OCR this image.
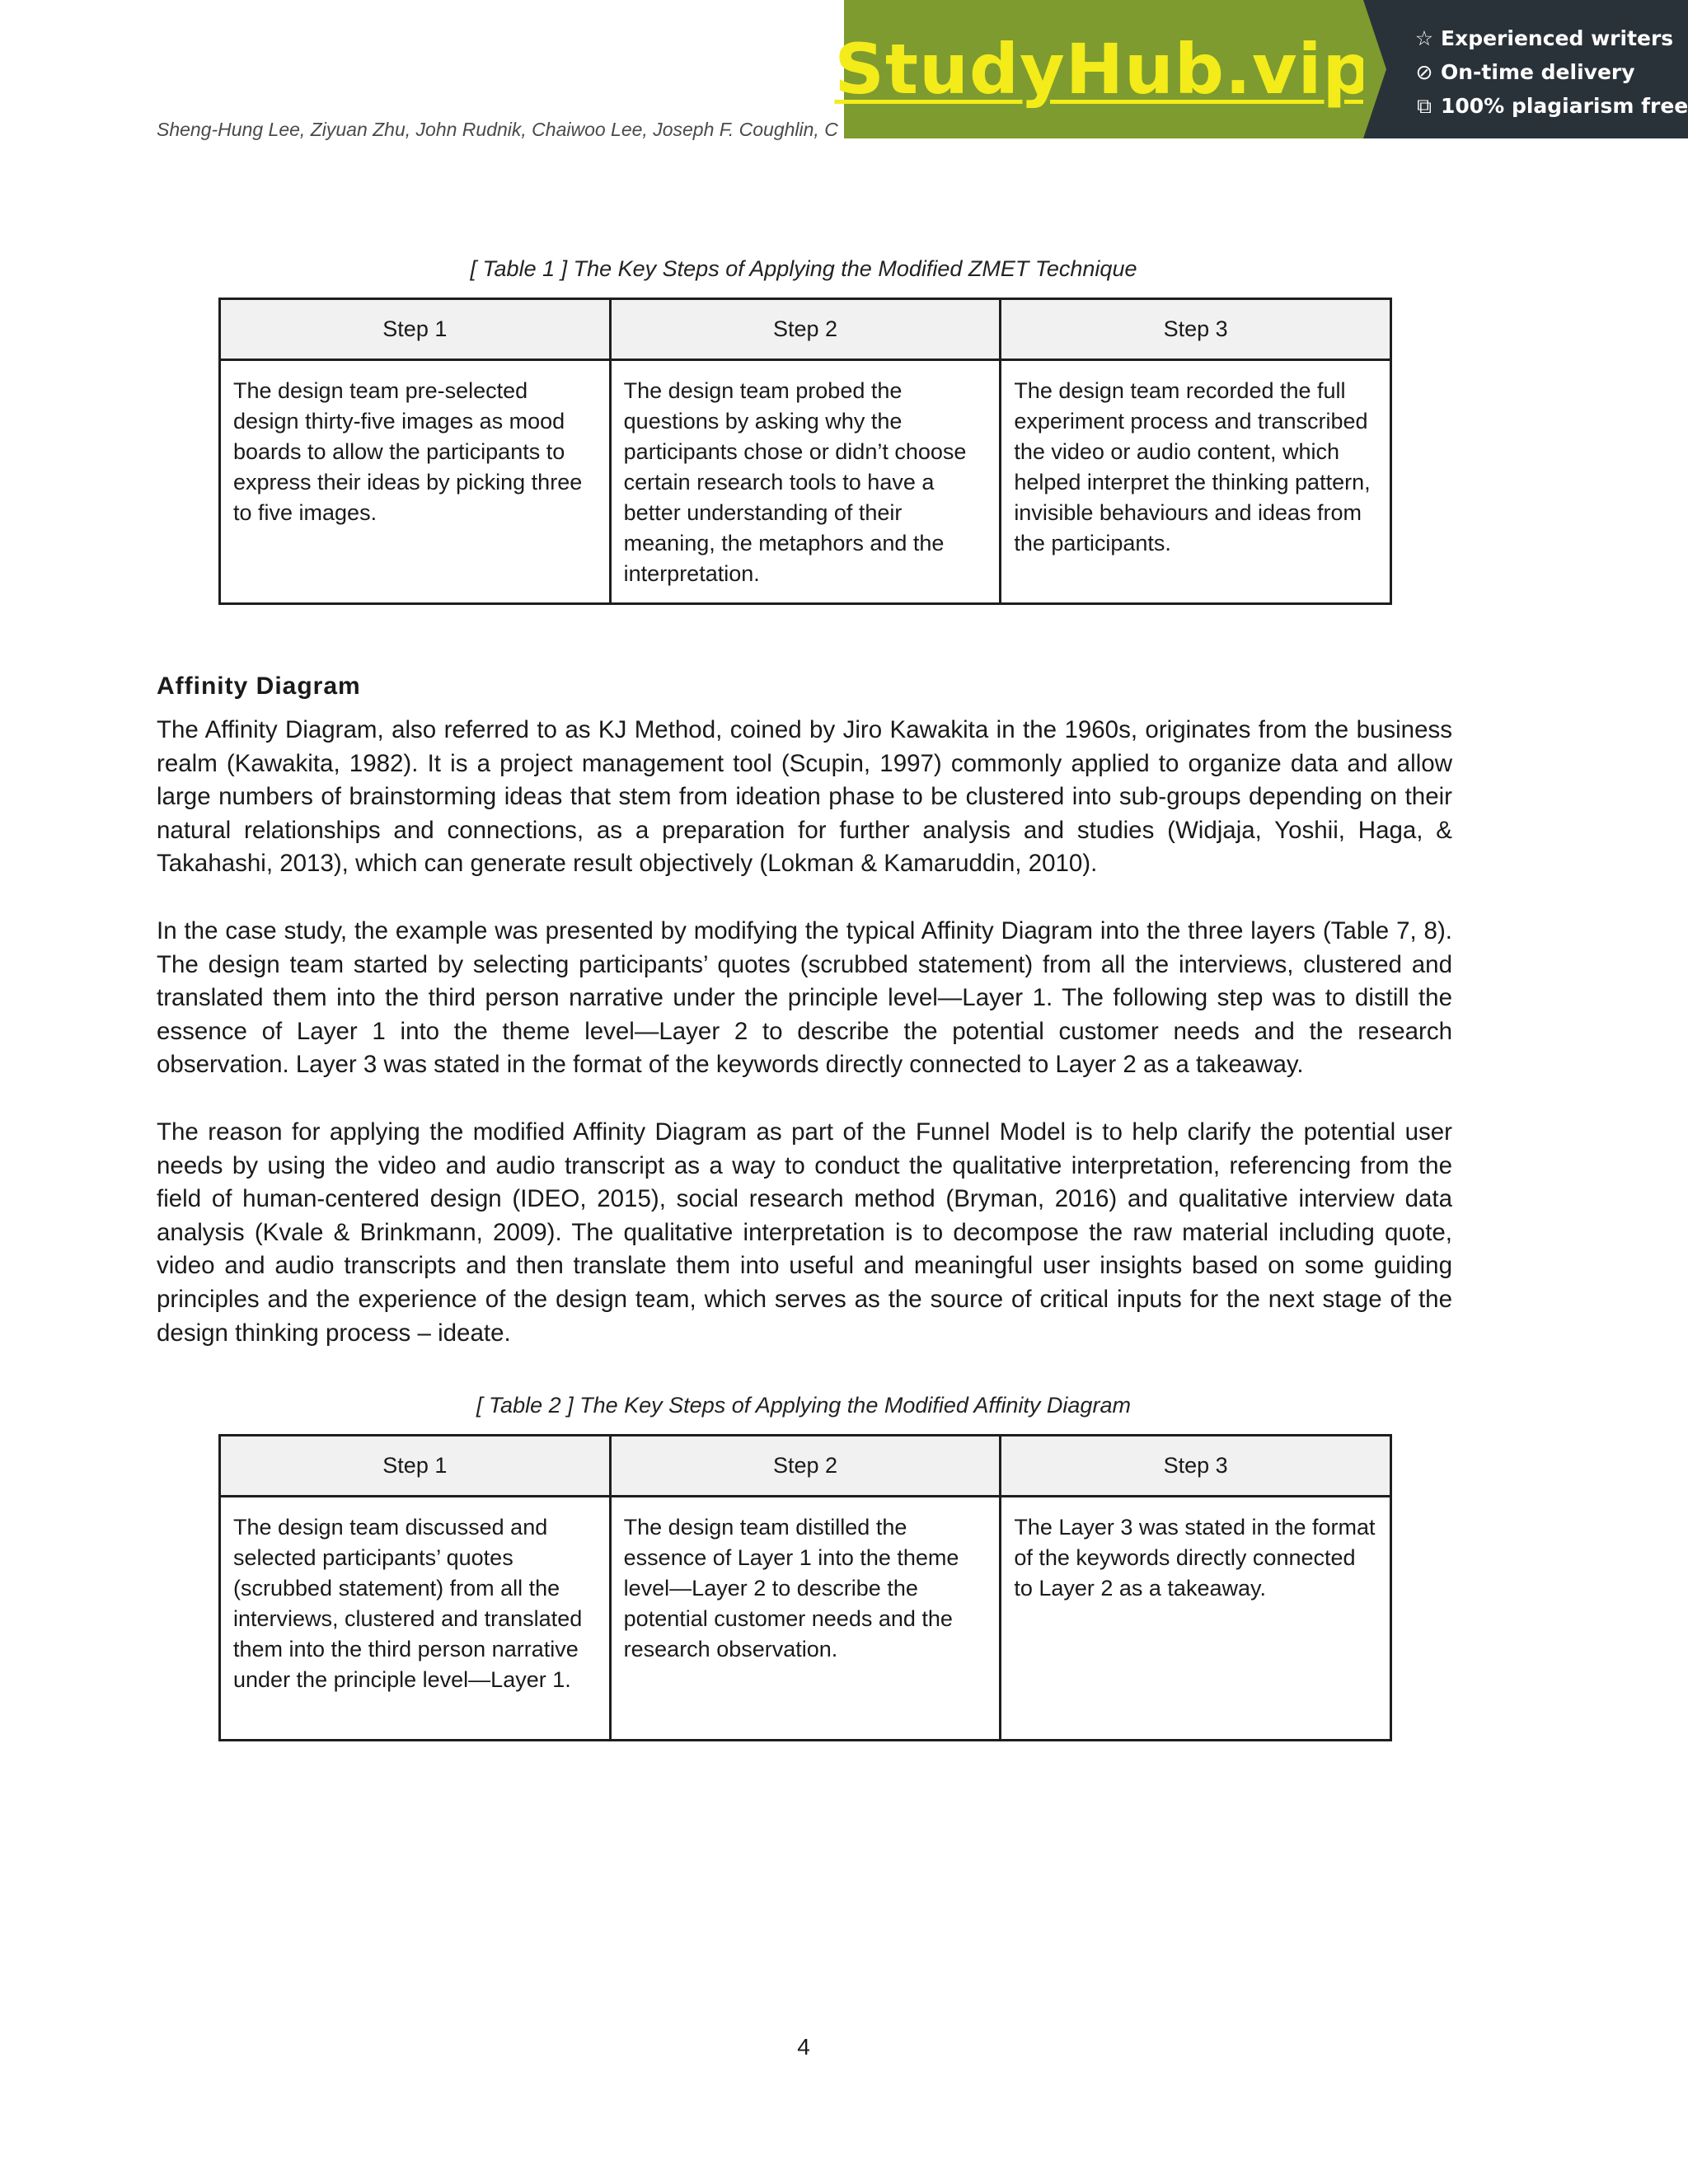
Sheng-Hung Lee, Ziyuan Zhu, John Rudnik, Chaiwoo Lee, Joseph F. Coughlin, C
StudyHub.vip ☆ Experienced writers
⊘ On-time delivery
⧉ 100% plagiarism free
[ Table 1 ] The Key Steps of Applying the Modified ZMET Technique
Step 1	Step 2	Step 3
The design team pre-selected design thirty-five images as mood boards to allow the participants to express their ideas by picking three to five images.	The design team probed the questions by asking why the participants chose or didn’t choose certain research tools to have a better understanding of their meaning, the metaphors and the interpretation.	The design team recorded the full experiment process and transcribed the video or audio content, which helped interpret the thinking pattern, invisible behaviours and ideas from the participants.
Affinity Diagram

The Affinity Diagram, also referred to as KJ Method, coined by Jiro Kawakita in the 1960s, originates from the business realm (Kawakita, 1982). It is a project management tool (Scupin, 1997) commonly applied to organize data and allow large numbers of brainstorming ideas that stem from ideation phase to be clustered into sub-groups depending on their natural relationships and connections, as a preparation for further analysis and studies (Widjaja, Yoshii, Haga, & Takahashi, 2013), which can generate result objectively (Lokman & Kamaruddin, 2010).

In the case study, the example was presented by modifying the typical Affinity Diagram into the three layers (Table 7, 8). The design team started by selecting participants’ quotes (scrubbed statement) from all the interviews, clustered and translated them into the third person narrative under the principle level—Layer 1. The following step was to distill the essence of Layer 1 into the theme level—Layer 2 to describe the potential customer needs and the research observation. Layer 3 was stated in the format of the keywords directly connected to Layer 2 as a takeaway.

The reason for applying the modified Affinity Diagram as part of the Funnel Model is to help clarify the potential user needs by using the video and audio transcript as a way to conduct the qualitative interpretation, referencing from the field of human-centered design (IDEO, 2015), social research method (Bryman, 2016) and qualitative interview data analysis (Kvale & Brinkmann, 2009). The qualitative interpretation is to decompose the raw material including quote, video and audio transcripts and then translate them into useful and meaningful user insights based on some guiding principles and the experience of the design team, which serves as the source of critical inputs for the next stage of the design thinking process – ideate.

[ Table 2 ] The Key Steps of Applying the Modified Affinity Diagram
Step 1	Step 2	Step 3
The design team discussed and selected participants’ quotes (scrubbed statement) from all the interviews, clustered and translated them into the third person narrative under the principle level—Layer 1.	The design team distilled the essence of Layer 1 into the theme level—Layer 2 to describe the potential customer needs and the research observation.	The Layer 3 was stated in the format of the keywords directly connected to Layer 2 as a takeaway.
4
